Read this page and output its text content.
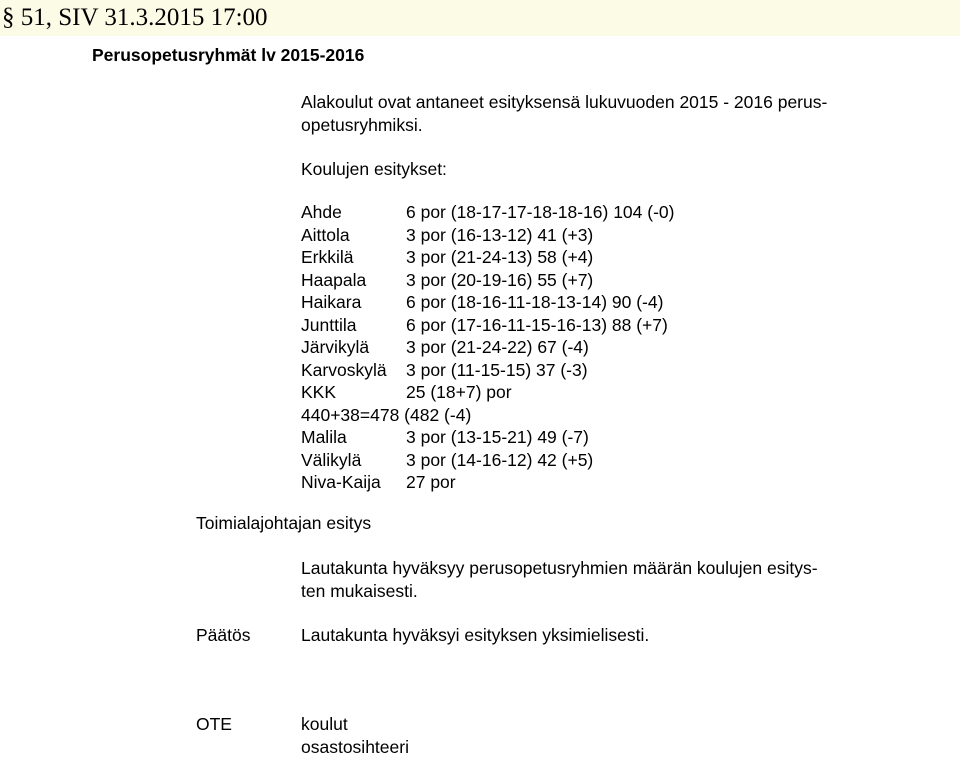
§ 51, SIV 31.3.2015 17:00
Perusopetusryhmät lv 2015-2016
Alakoulut ovat antaneet esityksensä lukuvuoden 2015 - 2016 perus-
opetusryhmiksi.
Koulujen esitykset:
Ahde	6 por (18-17-17-18-18-16) 104 (-0)
Aittola	3 por (16-13-12) 41 (+3)
Erkkilä	3 por (21-24-13) 58 (+4)
Haapala 3 por (20-19-16) 55 (+7)
Haikara	6 por (18-16-11-18-13-14) 90 (-4)
Junttila	6 por (17-16-11-15-16-13) 88 (+7)
Järvikylä 3 por (21-24-22) 67 (-4)
Karvoskylä 3 por (11-15-15) 37 (-3)
KKK	25 (18+7) por
440+38=478 (482 (-4)
Malila	3 por (13-15-21) 49 (-7)
Välikylä	3 por (14-16-12) 42 (+5)
Niva-Kaija 27 por
Toimialajohtajan esitys
Lautakunta hyväksyy perusopetusryhmien määrän koulujen esitys-
ten mukaisesti.
Päätös	Lautakunta hyväksyi esityksen yksimielisesti.
OTE	koulut
osastosihteeri
